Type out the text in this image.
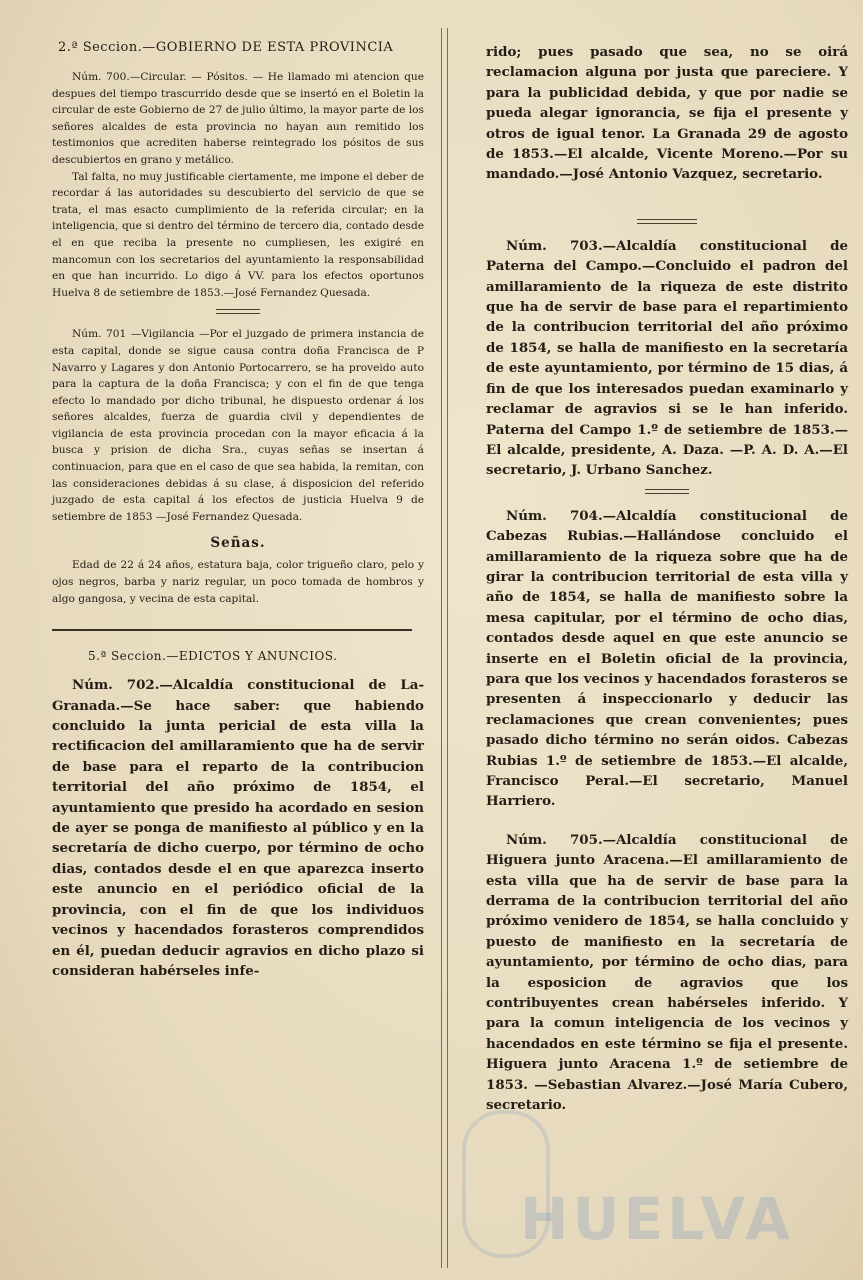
2.ª Seccion.—GOBIERNO DE ESTA PROVINCIA

Núm. 700.—Circular. — Pósitos. — He llamado mi atencion que despues del tiempo trascurrido desde que se insertó en el Boletin la circular de este Gobierno de 27 de julio último, la mayor parte de los señores alcaldes de esta provincia no hayan aun remitido los testimonios que acrediten haberse reintegrado los pósitos de sus descubiertos en grano y metálico.

Tal falta, no muy justificable ciertamente, me impone el deber de recordar á las autoridades su descubierto del servicio de que se trata, el mas esacto cumplimiento de la referida circular; en la inteligencia, que si dentro del término de tercero dia, contado desde el en que reciba la presente no cumpliesen, les exigiré en mancomun con los secretarios del ayuntamiento la responsabilidad en que han incurrido. Lo digo á VV. para los efectos oportunos Huelva 8 de setiembre de 1853.—José Fernandez Quesada.

Núm. 701 —Vigilancia —Por el juzgado de primera instancia de esta capital, donde se sigue causa contra doña Francisca de P Navarro y Lagares y don Antonio Portocarrero, se ha proveido auto para la captura de la doña Francisca; y con el fin de que tenga efecto lo mandado por dicho tribunal, he dispuesto ordenar á los señores alcaldes, fuerza de guardia civil y dependientes de vigilancia de esta provincia procedan con la mayor eficacia á la busca y prision de dicha Sra., cuyas señas se insertan á continuacion, para que en el caso de que sea habida, la remitan, con las consideraciones debidas á su clase, á disposicion del referido juzgado de esta capital á los efectos de justicia Huelva 9 de setiembre de 1853 —José Fernandez Quesada.

Señas.

Edad de 22 á 24 años, estatura baja, color trigueño claro, pelo y ojos negros, barba y nariz regular, un poco tomada de hombros y algo gangosa, y vecina de esta capital.

5.ª Seccion.—EDICTOS Y ANUNCIOS.

Núm. 702.—Alcaldía constitucional de La-Granada.—Se hace saber: que habiendo concluido la junta pericial de esta villa la rectificacion del amillaramiento que ha de servir de base para el reparto de la contribucion territorial del año próximo de 1854, el ayuntamiento que presido ha acordado en sesion de ayer se ponga de manifiesto al público y en la secretaría de dicho cuerpo, por término de ocho dias, contados desde el en que aparezca inserto este anuncio en el periódico oficial de la provincia, con el fin de que los individuos vecinos y hacendados forasteros comprendidos en él, puedan deducir agravios en dicho plazo si consideran habérseles infe-

rido; pues pasado que sea, no se oirá reclamacion alguna por justa que pareciere. Y para la publicidad debida, y que por nadie se pueda alegar ignorancia, se fija el presente y otros de igual tenor. La Granada 29 de agosto de 1853.—El alcalde, Vicente Moreno.—Por su mandado.—José Antonio Vazquez, secretario.

Núm. 703.—Alcaldía constitucional de Paterna del Campo.—Concluido el padron del amillaramiento de la riqueza de este distrito que ha de servir de base para el repartimiento de la contribucion territorial del año próximo de 1854, se halla de manifiesto en la secretaría de este ayuntamiento, por término de 15 dias, á fin de que los interesados puedan examinarlo y reclamar de agravios si se le han inferido. Paterna del Campo 1.º de setiembre de 1853.—El alcalde, presidente, A. Daza. —P. A. D. A.—El secretario, J. Urbano Sanchez.

Núm. 704.—Alcaldía constitucional de Cabezas Rubias.—Hallándose concluido el amillaramiento de la riqueza sobre que ha de girar la contribucion territorial de esta villa y año de 1854, se halla de manifiesto sobre la mesa capitular, por el término de ocho dias, contados desde aquel en que este anuncio se inserte en el Boletin oficial de la provincia, para que los vecinos y hacendados forasteros se presenten á inspeccionarlo y deducir las reclamaciones que crean convenientes; pues pasado dicho término no serán oidos. Cabezas Rubias 1.º de setiembre de 1853.—El alcalde, Francisco Peral.—El secretario, Manuel Harriero.

Núm. 705.—Alcaldía constitucional de Higuera junto Aracena.—El amillaramiento de esta villa que ha de servir de base para la derrama de la contribucion territorial del año próximo venidero de 1854, se halla concluido y puesto de manifiesto en la secretaría de ayuntamiento, por término de ocho dias, para la esposicion de agravios que los contribuyentes crean habérseles inferido. Y para la comun inteligencia de los vecinos y hacendados en este término se fija el presente. Higuera junto Aracena 1.º de setiembre de 1853. —Sebastian Alvarez.—José María Cubero, secretario.

HUELVA
